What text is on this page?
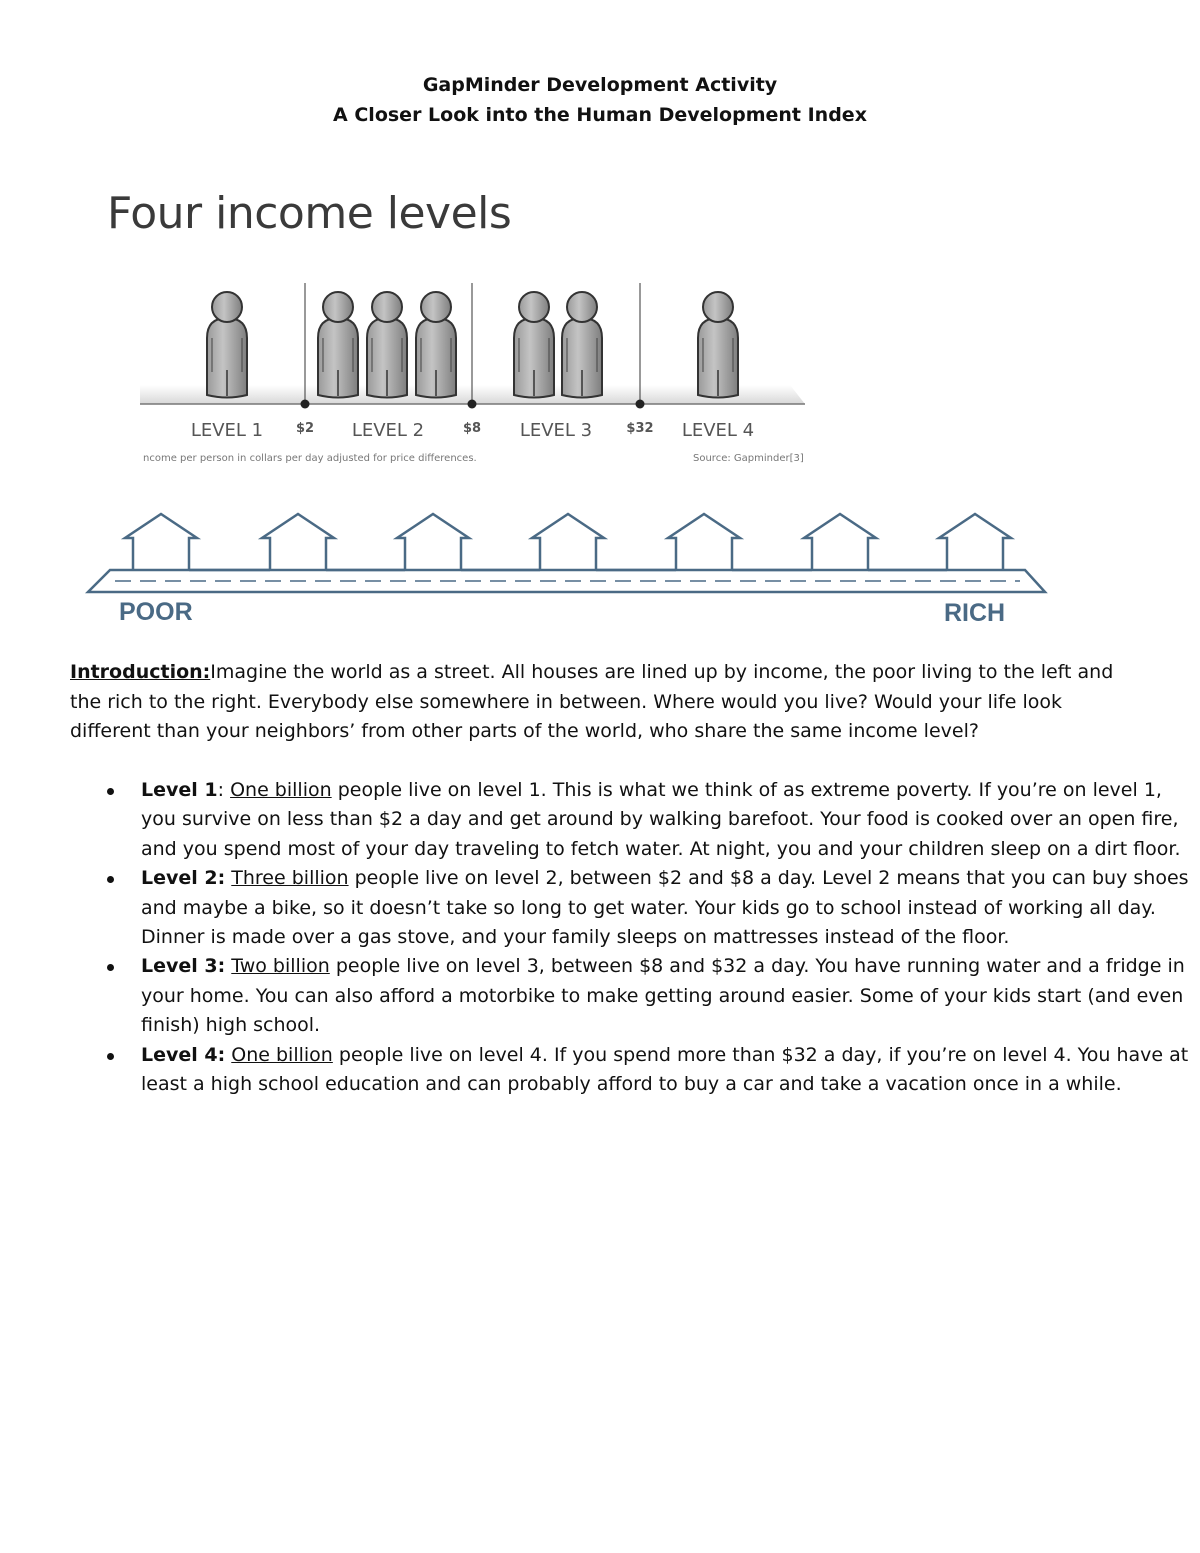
GapMinder Development Activity
A Closer Look into the Human Development Index
Four income levels
LEVEL 1	LEVEL 2	LEVEL 3	LEVEL 4
$2	$8	$32
ncome per person in collars per day adjusted for price differences.	Source: Gapminder[3]
POOR	RICH
Introduction:Imagine the world as a street. All houses are lined up by income, the poor living to the left and the rich to the right. Everybody else somewhere in between. Where would you live? Would your life look different than your neighbors’ from other parts of the world, who share the same income level?
Level 1: One billion people live on level 1. This is what we think of as extreme poverty. If you’re on level 1, you survive on less than $2 a day and get around by walking barefoot. Your food is cooked over an open fire, and you spend most of your day traveling to fetch water. At night, you and your children sleep on a dirt floor.
Level 2: Three billion people live on level 2, between $2 and $8 a day. Level 2 means that you can buy shoes and maybe a bike, so it doesn’t take so long to get water. Your kids go to school instead of working all day. Dinner is made over a gas stove, and your family sleeps on mattresses instead of the floor.
Level 3: Two billion people live on level 3, between $8 and $32 a day. You have running water and a fridge in your home. You can also afford a motorbike to make getting around easier. Some of your kids start (and even finish) high school.
Level 4: One billion people live on level 4. If you spend more than $32 a day, if you’re on level 4. You have at least a high school education and can probably afford to buy a car and take a vacation once in a while.
